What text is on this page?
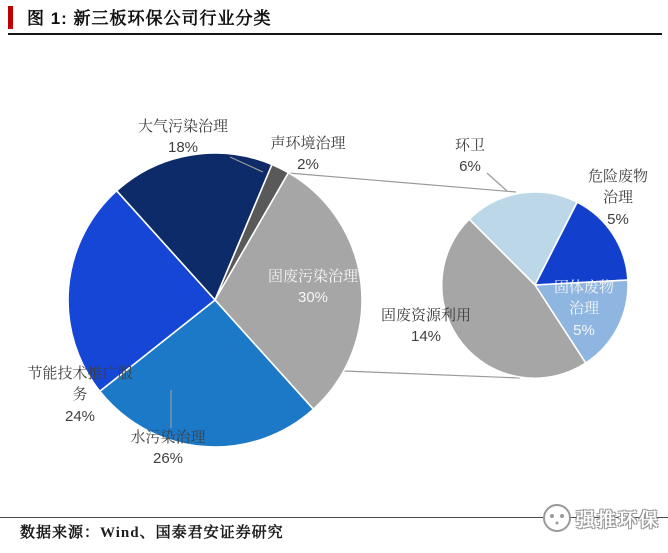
图 1: 新三板环保公司行业分类
大气污染治理
18%	声环境治理
2%
固废污染治理
30%
水污染治理
26%
节能技术推广服务
24%
环卫
6%
危险废物治理
5%
固体废物治理
5%
固废资源利用
14%
数据来源：Wind、国泰君安证券研究
强推环保
